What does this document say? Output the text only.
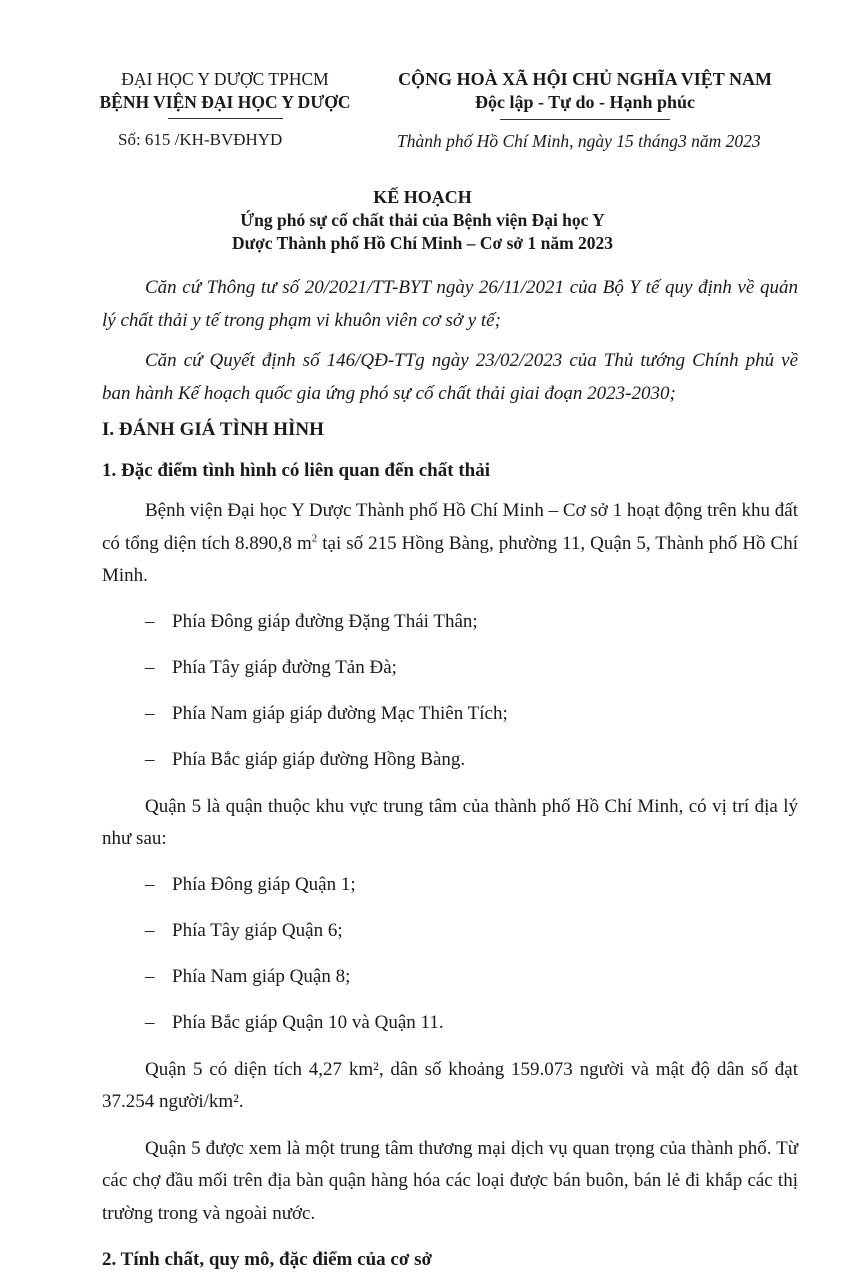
ĐẠI HỌC Y DƯỢC TPHCM
BỆNH VIỆN ĐẠI HỌC Y DƯỢC
CỘNG HOÀ XÃ HỘI CHỦ NGHĨA VIỆT NAM
Độc lập - Tự do - Hạnh phúc
Số: 615 /KH-BVĐHYD	Thành phố Hồ Chí Minh, ngày 15 tháng3 năm 2023
KẾ HOẠCH
Ứng phó sự cố chất thải của Bệnh viện Đại học Y
Dược Thành phố Hồ Chí Minh – Cơ sở 1 năm 2023

Căn cứ Thông tư số 20/2021/TT-BYT ngày 26/11/2021 của Bộ Y tế quy định về quản lý chất thải y tế trong phạm vi khuôn viên cơ sở y tế;

Căn cứ Quyết định số 146/QĐ-TTg ngày 23/02/2023 của Thủ tướng Chính phủ về ban hành Kế hoạch quốc gia ứng phó sự cố chất thải giai đoạn 2023-2030;

I. ĐÁNH GIÁ TÌNH HÌNH

1. Đặc điểm tình hình có liên quan đến chất thải

Bệnh viện Đại học Y Dược Thành phố Hồ Chí Minh – Cơ sở 1 hoạt động trên khu đất có tổng diện tích 8.890,8 $m^2$ tại số 215 Hồng Bàng, phường 11, Quận 5, Thành phố Hồ Chí Minh.

– Phía Đông giáp đường Đặng Thái Thân;
– Phía Tây giáp đường Tản Đà;
– Phía Nam giáp giáp đường Mạc Thiên Tích;
– Phía Bắc giáp giáp đường Hồng Bàng.

Quận 5 là quận thuộc khu vực trung tâm của thành phố Hồ Chí Minh, có vị trí địa lý như sau:

– Phía Đông giáp Quận 1;
– Phía Tây giáp Quận 6;
– Phía Nam giáp Quận 8;
– Phía Bắc giáp Quận 10 và Quận 11.

Quận 5 có diện tích 4,27 km², dân số khoảng 159.073 người và mật độ dân số đạt 37.254 người/km².

Quận 5 được xem là một trung tâm thương mại dịch vụ quan trọng của thành phố. Từ các chợ đầu mối trên địa bàn quận hàng hóa các loại được bán buôn, bán lẻ đi khắp các thị trường trong và ngoài nước.

2. Tính chất, quy mô, đặc điểm của cơ sở
